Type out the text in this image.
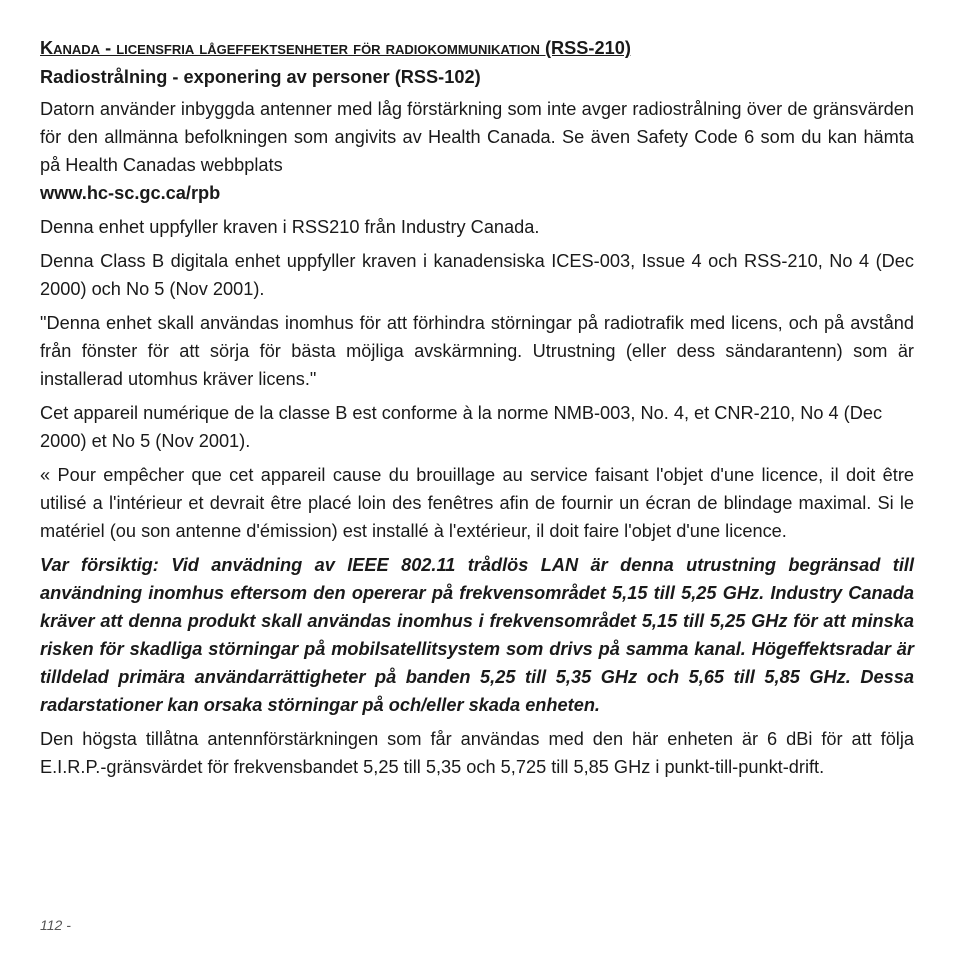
Kanada - licensfria lågeffektsenheter för radiokommunikation (RSS-210)
Radiostrålning - exponering av personer (RSS-102)

Datorn använder inbyggda antenner med låg förstärkning som inte avger radiostrålning över de gränsvärden för den allmänna befolkningen som angivits av Health Canada. Se även Safety Code 6 som du kan hämta på Health Canadas webbplats

www.hc-sc.gc.ca/rpb

Denna enhet uppfyller kraven i RSS210 från Industry Canada.

Denna Class B digitala enhet uppfyller kraven i kanadensiska ICES-003, Issue 4 och RSS-210, No 4 (Dec 2000) och No 5 (Nov 2001).

"Denna enhet skall användas inomhus för att förhindra störningar på radiotrafik med licens, och på avstånd från fönster för att sörja för bästa möjliga avskärmning. Utrustning (eller dess sändarantenn) som är installerad utomhus kräver licens."

Cet appareil numérique de la classe B est conforme à la norme NMB-003, No. 4, et CNR-210, No 4 (Dec 2000) et No 5 (Nov 2001).

« Pour empêcher que cet appareil cause du brouillage au service faisant l'objet d'une licence, il doit être utilisé a l'intérieur et devrait être placé loin des fenêtres afin de fournir un écran de blindage maximal. Si le matériel (ou son antenne d'émission) est installé à l'extérieur, il doit faire l'objet d'une licence.

Var försiktig: Vid anvädning av IEEE 802.11 trådlös LAN är denna utrustning begränsad till användning inomhus eftersom den opererar på frekvensområdet 5,15 till 5,25 GHz. Industry Canada kräver att denna produkt skall användas inomhus i frekvensområdet 5,15 till 5,25 GHz för att minska risken för skadliga störningar på mobilsatellitsystem som drivs på samma kanal. Högeffektsradar är tilldelad primära användarrättigheter på banden 5,25 till 5,35 GHz och 5,65 till 5,85 GHz. Dessa radarstationer kan orsaka störningar på och/eller skada enheten.

Den högsta tillåtna antennförstärkningen som får användas med den här enheten är 6 dBi för att följa E.I.R.P.-gränsvärdet för frekvensbandet 5,25 till 5,35 och 5,725 till 5,85 GHz i punkt-till-punkt-drift.

112 -
